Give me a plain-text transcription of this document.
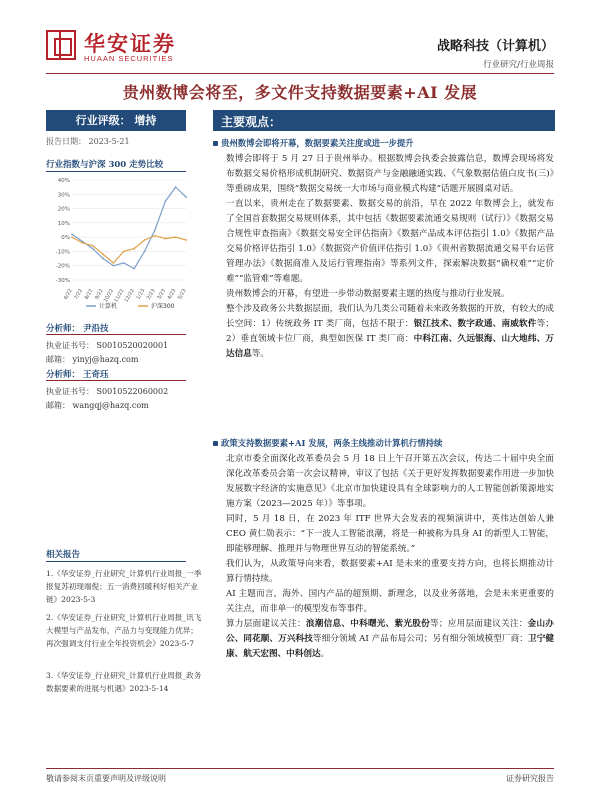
华安证券
HUAAN SECURITIES
战略科技（计算机）
行业研究/行业周报
贵州数博会将至，多文件支持数据要素+AI 发展
行业评级： 增持
报告日期： 2023-5-21
行业指数与沪深 300 走势比较
40%
30%
20%
10%
0%
-10%
-20%
-30%
6/22 7/22 8/22 9/22
10/22
11/22
12/22 1/23 2/23 3/23 4/23 5/23
计算机	沪深300
分析师： 尹沿技
执业证书号： S0010520020001
邮箱： yinyj@hazq.com
分析师： 王奇珏
执业证书号： S0010522060002
邮箱： wangqj@hazq.com
相关报告
1.《华安证券_行业研究_计算机行业周报_一季报复苏初现端倪；五一消费回暖利好相关产业链》2023-5-3
2.《华安证券_行业研究_计算机行业周报_讯飞大模型与产品发布，产品力与变现能力优异；再次强调支付行业全年投资机会》2023-5-7
3.《华安证券_行业研究_计算机行业周报_政务数据要素的进展与机遇》2023-5-14
主要观点：
贵州数博会即将开幕，数据要素关注度或进一步提升

数博会即将于 5 月 27 日于贵州举办。根据数博会执委会披露信息，数博会现场将发布数据交易价格形成机制研究、数据资产与金融融通实践、《气象数据估值白皮书(三)》等重磅成果，围绕“数据交易统一大市场与商业模式构建”话题开展圆桌对话。

一直以来，贵州走在了数据要素、数据交易的前沿，早在 2022 年数博会上，就发布了全国首套数据交易规则体系，其中包括《数据要素流通交易规则（试行）》《数据交易合规性审查指南》《数据交易安全评估指南》《数据产品成本评估指引 1.0》《数据产品交易价格评估指引 1.0》《数据资产价值评估指引 1.0》《贵州省数据流通交易平台运营管理办法》《数据商准入及运行管理指南》等系列文件，探索解决数据“确权难”“定价难”“监管难”等难题。

贵州数博会的开幕，有望进一步带动数据要素主题的热度与推动行业发展。

整个涉及政务公共数据层面，我们认为几类公司随着未来政务数据的开放，有较大的成长空间：1）传统政务 IT 类厂商，包括不限于：银江技术、数字政通、南威软件等；2）垂直领域卡位厂商，典型如医保 IT 类厂商：中科江南、久远银海、山大地纬、万达信息等。

政策支持数据要素+AI 发展，两条主线推动计算机行情持续

北京市委全面深化改革委员会 5 月 18 日上午召开第五次会议，传达二十届中央全面深化改革委员会第一次会议精神，审议了包括《关于更好发挥数据要素作用进一步加快发展数字经济的实施意见》《北京市加快建设具有全球影响力的人工智能创新策源地实施方案（2023—2025 年）》等事项。

同时，5 月 18 日，在 2023 年 ITF 世界大会发表的视频演讲中，英伟达创始人兼 CEO 黄仁勋表示：“下一波人工智能浪潮，将是一种被称为具身 AI 的新型人工智能，即能够理解、推理并与物理世界互动的智能系统。”

我们认为，从政策导向来看，数据要素+AI 是未来的重要支持方向，也将长期推动计算行情持续。

AI 主题而言，海外、国内产品的超预期、新理念，以及业务落地，会是未来更重要的关注点，而非单一的模型发布等事件。

算力层面建议关注：浪潮信息、中科曙光、紫光股份等；应用层面建议关注：金山办公、同花顺、万兴科技等细分领域 AI 产品布局公司；另有细分领域模型厂商：卫宁健康、航天宏图、中科创达。

敬请参阅末页重要声明及评级说明	证券研究报告
